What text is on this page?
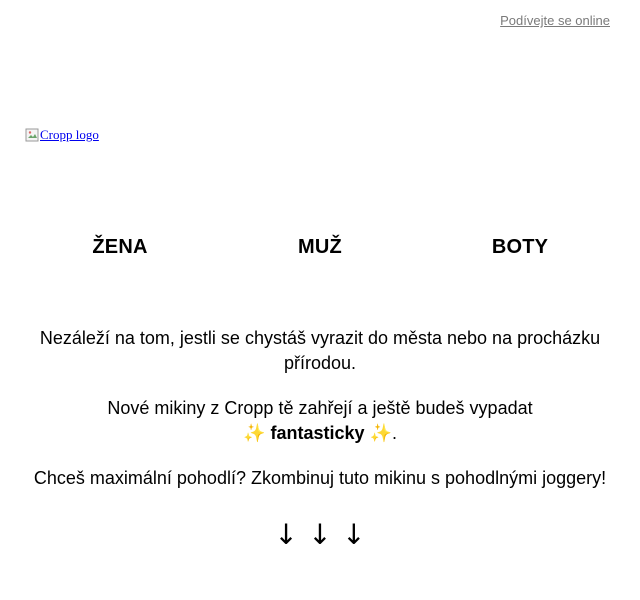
Podívejte se online
Cropp logo
ŽENA	MUŽ	BOTY
Nezáleží na tom, jestli se chystáš vyrazit do města nebo na procházku přírodou.
Nové mikiny z Cropp tě zahřejí a ještě budeš vypadat
✨ fantasticky ✨.
Chceš maximální pohodlí? Zkombinuj tuto mikinu s pohodlnými joggery!
↓ ↓ ↓
